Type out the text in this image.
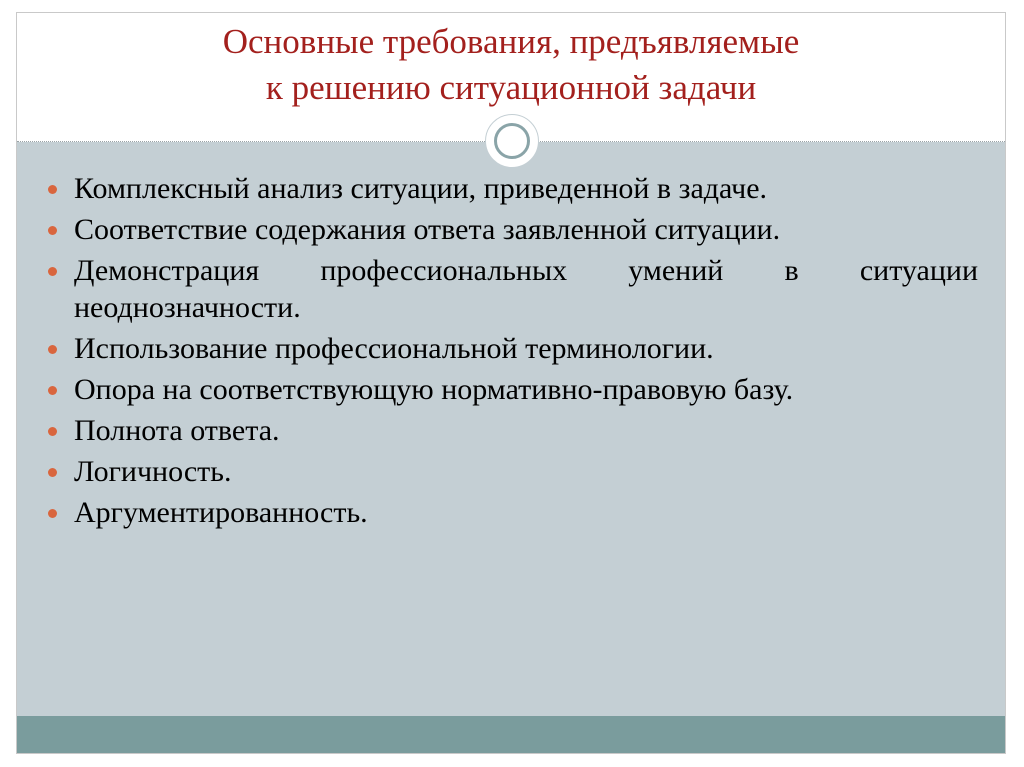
Основные требования, предъявляемые
к решению ситуационной задачи
Комплексный анализ ситуации, приведенной в задаче.
Соответствие содержания ответа заявленной ситуации.
Демонстрация профессиональных умений в ситуации неоднозначности.
Использование профессиональной терминологии.
Опора на соответствующую нормативно-правовую базу.
Полнота ответа.
Логичность.
Аргументированность.
